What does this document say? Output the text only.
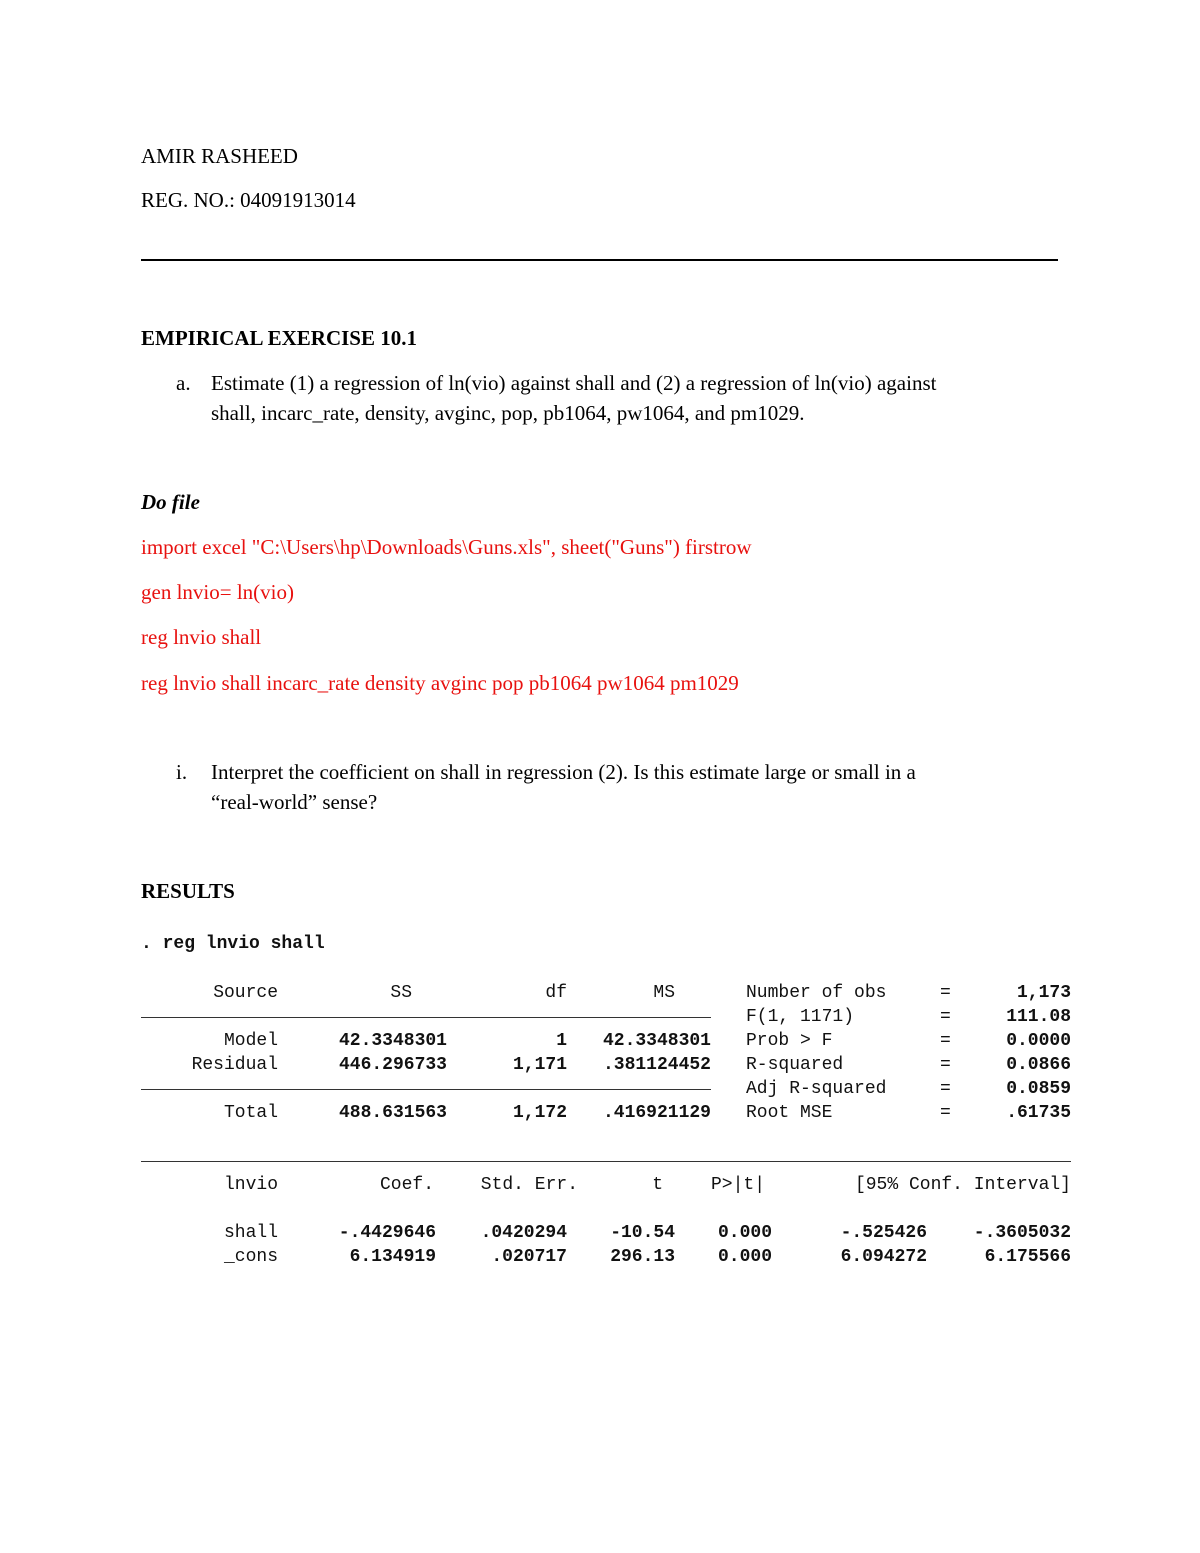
AMIR RASHEED
REG. NO.: 04091913014
EMPIRICAL EXERCISE 10.1
a. Estimate (1) a regression of ln(vio) against shall and (2) a regression of ln(vio) against
shall, incarc_rate, density, avginc, pop, pb1064, pw1064, and pm1029.
Do file
import excel "C:\Users\hp\Downloads\Guns.xls", sheet("Guns") firstrow
gen lnvio= ln(vio)
reg lnvio shall
reg lnvio shall incarc_rate density avginc pop pb1064 pw1064 pm1029
i. Interpret the coefficient on shall in regression (2). Is this estimate large or small in a
“real-world” sense?
RESULTS
. reg lnvio shall
Source	SS	df	MS
Model	42.3348301	1	42.3348301
Residual	446.296733	1,171	.381124452
Total	488.631563	1,172	.416921129
Number of obs	=	1,173
F(1, 1171)	=	111.08
Prob > F	=	0.0000
R-squared	=	0.0866
Adj R-squared	=	0.0859
Root MSE	=	.61735
lnvio	Coef.	Std. Err.	t	P>|t|	[95% Conf. Interval]
shall	-.4429646	.0420294	-10.54	0.000	-.525426	-.3605032
_cons	6.134919	.020717	296.13	0.000	6.094272	6.175566
